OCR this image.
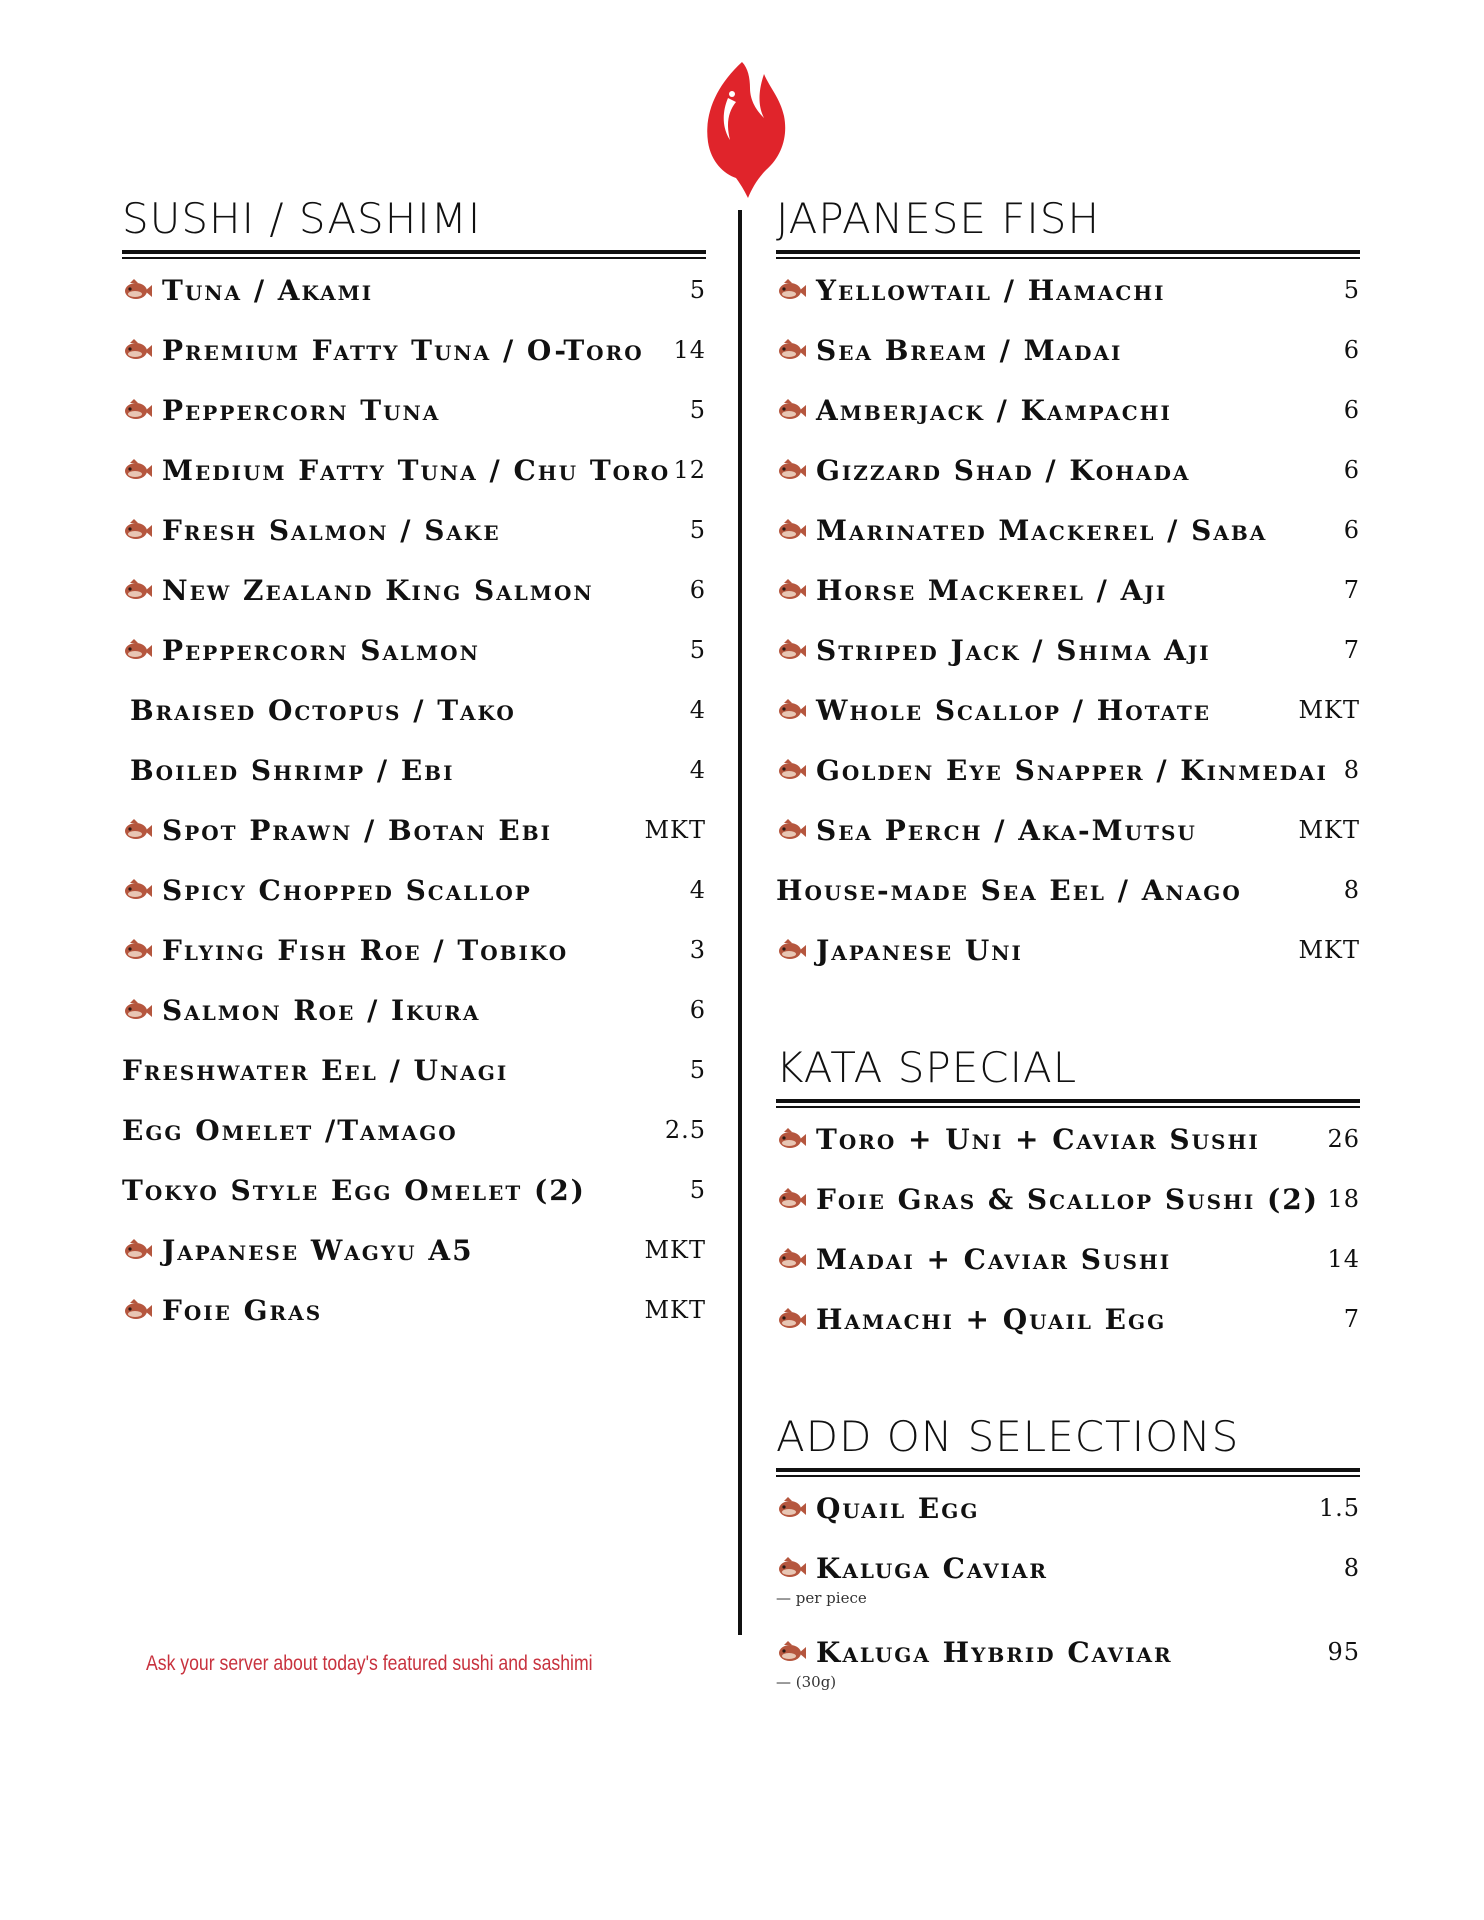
SUSHI / SASHIMI
Tuna / Akami	5
Premium Fatty Tuna / O-Toro	14
Peppercorn Tuna	5
Medium Fatty Tuna / Chu Toro 12
Fresh Salmon / Sake	5
New Zealand King Salmon	6
Peppercorn Salmon	5
Braised Octopus / Tako	4
Boiled Shrimp / Ebi	4
Spot Prawn / Botan Ebi	MKT
Spicy Chopped Scallop	4
Flying Fish Roe / Tobiko	3
Salmon Roe / Ikura	6
Freshwater Eel / Unagi	5
Egg Omelet /Tamago	2.5
Tokyo Style Egg Omelet (2)	5
Japanese Wagyu A5	MKT
Foie Gras	MKT
JAPANESE FISH
Yellowtail / Hamachi	5
Sea Bream / Madai	6
Amberjack / Kampachi	6
Gizzard Shad / Kohada	6
Marinated Mackerel / Saba	6
Horse Mackerel / Aji	7
Striped Jack / Shima Aji	7
Whole Scallop / Hotate	MKT
Golden Eye Snapper / Kinmedai 8
Sea Perch / Aka-Mutsu	MKT
House-made Sea Eel / Anago	8
Japanese Uni	MKT
KATA SPECIAL
Toro + Uni + Caviar Sushi	26
Foie Gras & Scallop Sushi (2) 18
Madai + Caviar Sushi	14
Hamachi + Quail Egg	7
ADD ON SELECTIONS
Quail Egg	1.5
Kaluga Caviar	8
— per piece
Kaluga Hybrid Caviar	95
— (30g)
Ask your server about today's featured sushi and sashimi
